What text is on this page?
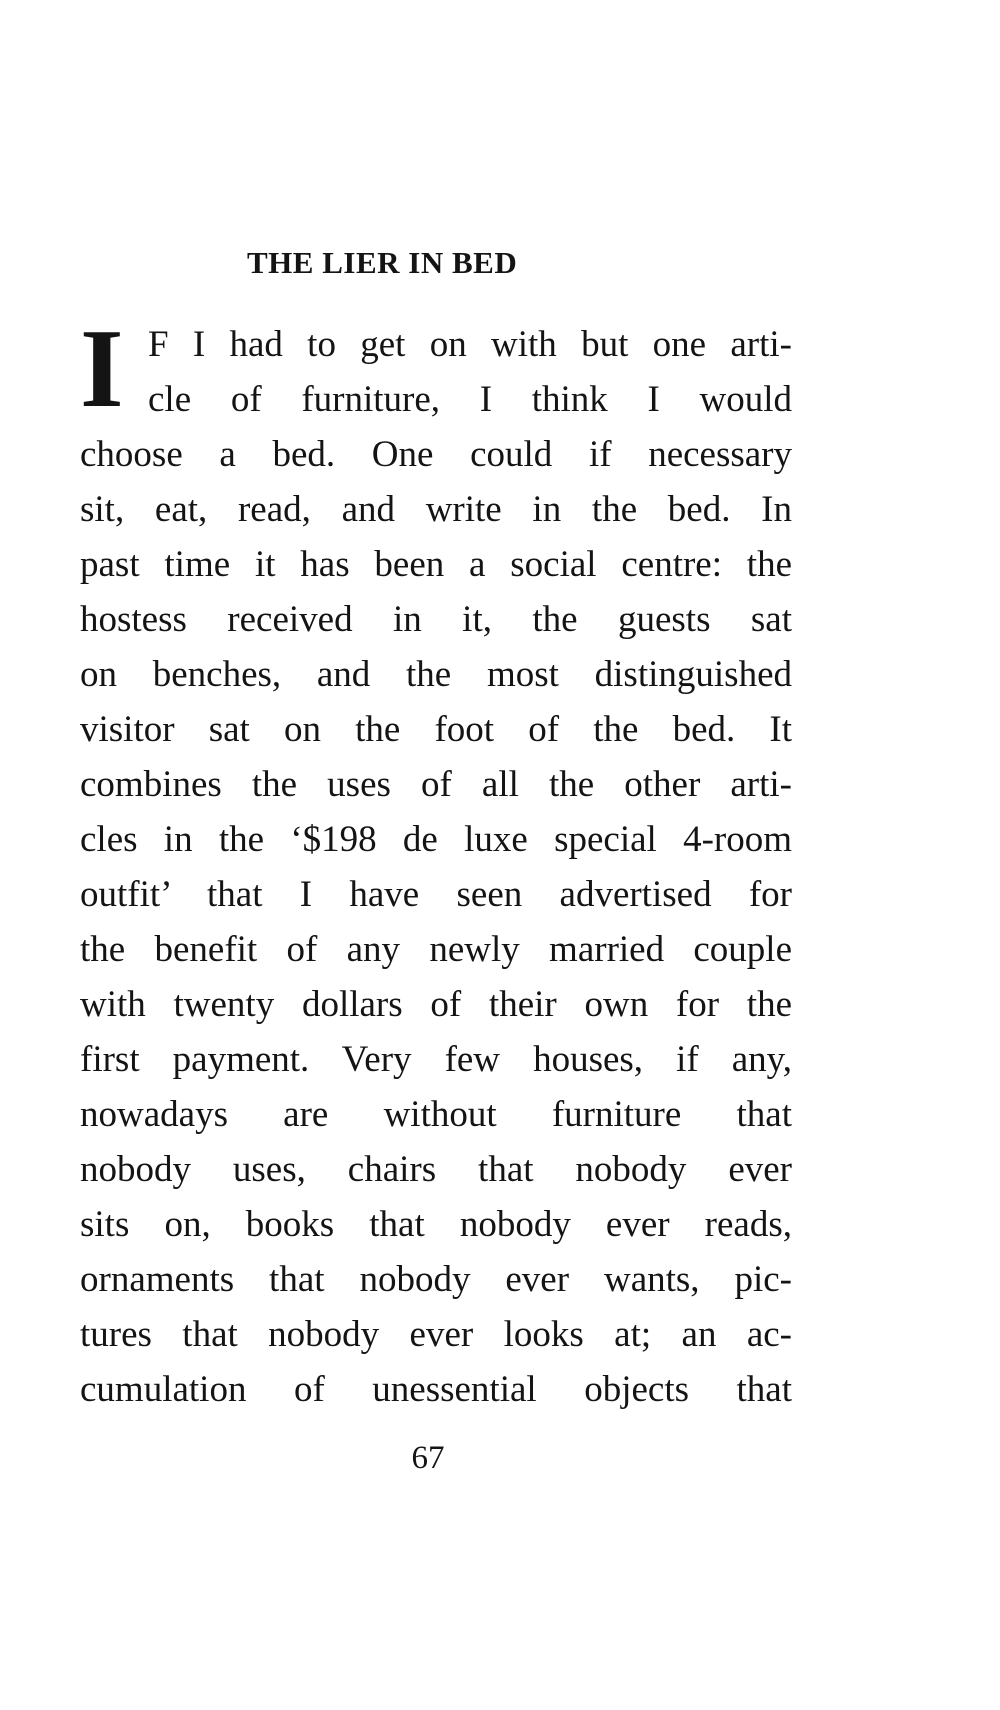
THE LIER IN BED
I F I had to get on with but one arti-
cle of furniture, I think I would
choose a bed. One could if necessary
sit, eat, read, and write in the bed. In
past time it has been a social centre: the
hostess received in it, the guests sat
on benches, and the most distinguished
visitor sat on the foot of the bed. It
combines the uses of all the other arti-
cles in the ‘$198 de luxe special 4-room
outfit’ that I have seen advertised for
the benefit of any newly married couple
with twenty dollars of their own for the
first payment. Very few houses, if any,
nowadays are without furniture that
nobody uses, chairs that nobody ever
sits on, books that nobody ever reads,
ornaments that nobody ever wants, pic-
tures that nobody ever looks at; an ac-
cumulation of unessential objects that
67
